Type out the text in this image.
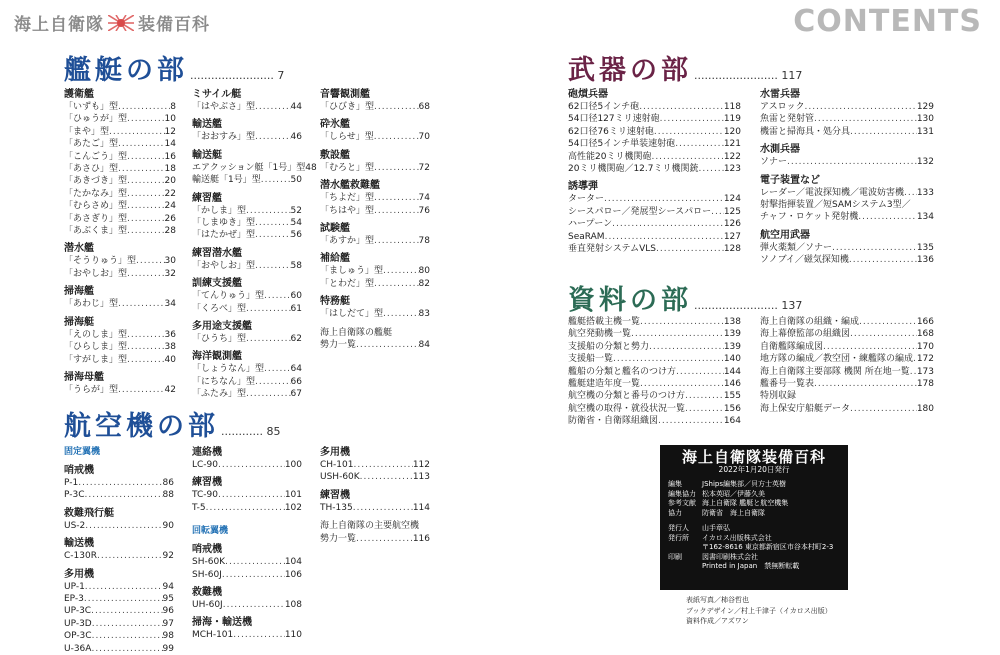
海上自衛隊 装備百科	CONTENTS
艦艇の部 ........................ 7
航空機の部 ............ 85
武器の部 ........................ 117
資料の部 ........................ 137
護衛艦
「いずも」型 .....	8
「ひゅうが」型 .....	10
「まや」型 .....	12
「あたご」型 .....	14
「こんごう」型 .....	16
「あさひ」型 .....	18
「あきづき」型 .....	20
「たかなみ」型 .....	22
「むらさめ」型 .....	24
「あさぎり」型 .....	26
「あぶくま」型 .....	28
潜水艦
「そうりゅう」型 .....	30
「おやしお」型 .....	32
掃海艦
「あわじ」型 .....	34
掃海艇
「えのしま」型 .....	36
「ひらしま」型 .....	38
「すがしま」型 .....	40
掃海母艦
「うらが」型 .....	42
ミサイル艇
「はやぶさ」型 .....	44
輸送艦
「おおすみ」型 .....	46
輸送艇
エアクッション艇「1号」型 48
輸送艇「1号」型 .....	50
練習艦
「かしま」型 .....	52
「しまゆき」型 .....	54
「はたかぜ」型 .....	56
練習潜水艦
「おやしお」型 .....	58
訓練支援艦
「てんりゅう」型 .....	60
「くろべ」型 .....	61
多用途支援艦
「ひうち」型 .....	62
海洋観測艦
「しょうなん」型 .....	64
「にちなん」型 .....	66
「ふたみ」型 .....	67
音響観測艦
「ひびき」型 .....	68
砕氷艦
「しらせ」型 .....	70
敷設艦
「むろと」型 .....	72
潜水艦救難艦
「ちよだ」型 .....	74
「ちはや」型 .....	76
試験艦
「あすか」型 .....	78
補給艦
「ましゅう」型 .....	80
「とわだ」型 .....	82
特務艇
「はしだて」型 .....	83
海上自衛隊の艦艇
勢力一覧 .....	84
固定翼機
哨戒機
P-1 .....	86
P-3C .....	88
救難飛行艇
US-2 .....	90
輸送機
C-130R .....	92
多用機
UP-1 .....	94
EP-3 .....	95
UP-3C .....	96
UP-3D .....	97
OP-3C .....	98
U-36A .....	99
連絡機
LC-90 .....	100
練習機
TC-90 .....	101
T-5 .....	102
回転翼機
哨戒機
SH-60K .....	104
SH-60J .....	106
救難機
UH-60J .....	108
掃海・輸送機
MCH-101 .....	110
多用機
CH-101 .....	112
USH-60K .....	113
練習機
TH-135 .....	114
海上自衛隊の主要航空機
勢力一覧 .....	116
砲熕兵器
62口径5インチ砲 .....	118
54口径127ミリ速射砲 .....	119
62口径76ミリ速射砲 .....	120
54口径5インチ単装速射砲 .....	121
高性能20ミリ機関砲 .....	122
20ミリ機関砲／12.7ミリ機関銃 .....	123
誘導弾
ターター .....	124
シースパロー／発展型シースパロー ..... 125
ハープーン .....	126
SeaRAM .....	127
垂直発射システムVLS .....	128
水雷兵器
アスロック .....	129
魚雷と発射管 .....	130
機雷と掃海具・処分具 .....	131
水測兵器
ソナー .....	132
電子装置など
レーダー／電波探知機／電波妨害機 ..... 133
射撃指揮装置／短SAMシステム3型／
チャフ・ロケット発射機 .....	134
航空用武器
弾火薬類／ソナー .....	135
ソノブイ／磁気探知機 .....	136
艦艇搭載主機一覧 .....	138
航空発動機一覧 .....	139
支援船の分類と勢力 .....	139
支援船一覧 .....	140
艦船の分類と艦名のつけ方 .....	144
艦艇建造年度一覧 .....	146
航空機の分類と番号のつけ方 .....	155
航空機の取得・就役状況一覧 .....	156
防衛省・自衛隊組織図 .....	164
海上自衛隊の組織・編成 .....	166
海上幕僚監部の組織図 .....	168
自衛艦隊編成図 .....	170
地方隊の編成／教空団・練艦隊の編成 ..... 172
海上自衛隊主要部隊 機関 所在地一覧 ..... 173
艦番号一覧表 .....	178
特別収録
海上保安庁船艇データ .....	180
海上自衛隊装備百科
2022年1月20日発行
編集	JShips編集部／貝方士英樹
編集協力 松本英昭／伊藤久美
参考文献 海上自衛隊 艦艇と航空機集
協力	防衛省　海上自衛隊
発行人	山手章弘
発行所	イカロス出版株式会社
〒162-8616 東京都新宿区市谷本村町2-3
印刷	図書印刷株式会社
Printed in Japan　禁無断転載
表紙写真／柿谷哲也
ブックデザイン／村上千津子（イカロス出版）
資料作成／アズワン
